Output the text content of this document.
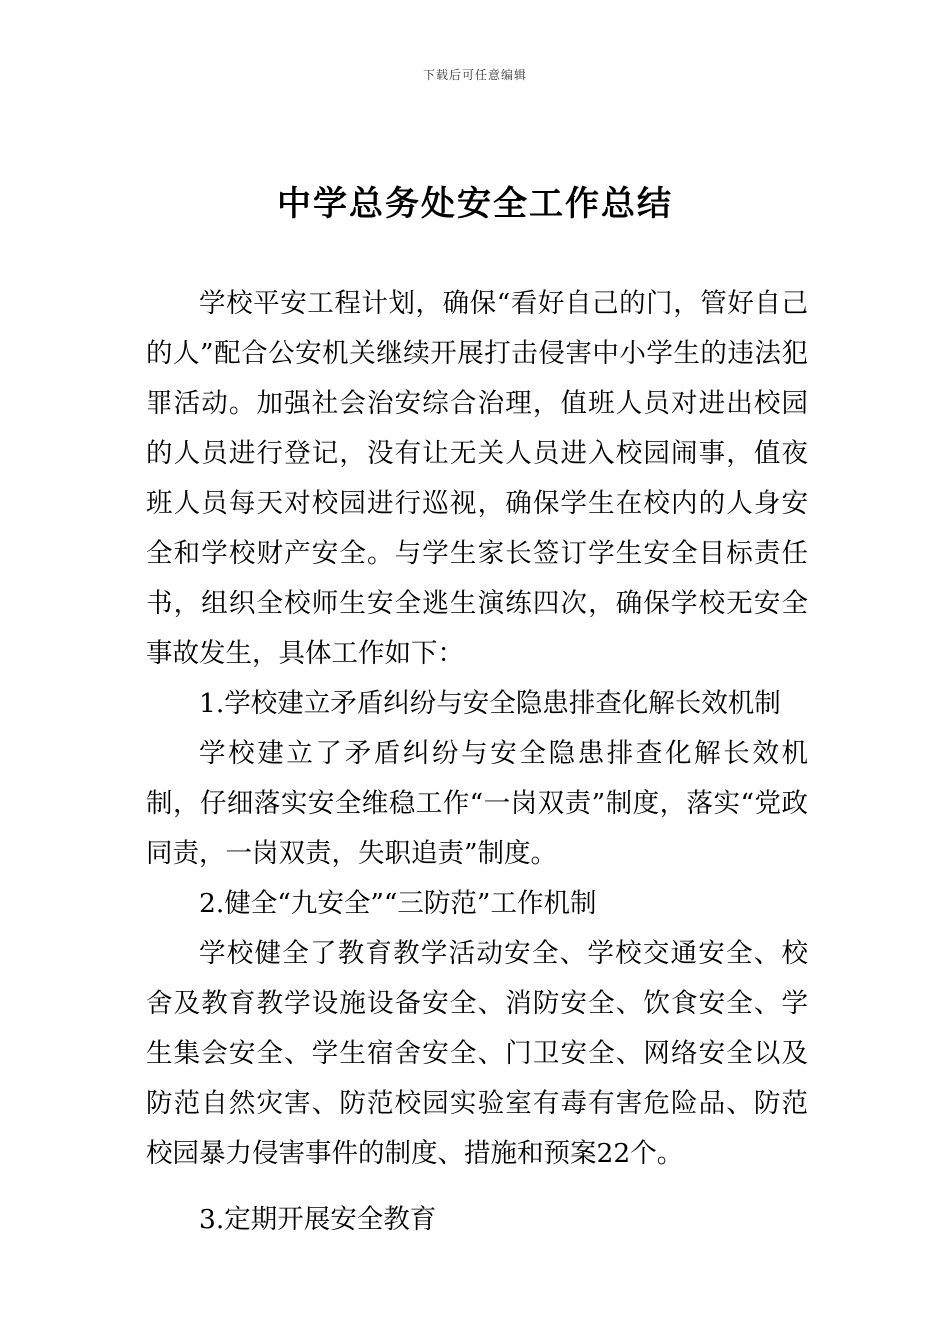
下载后可任意编辑
中学总务处安全工作总结

学校平安工程计划，确保“看好自己的门，管好自己的人”配合公安机关继续开展打击侵害中小学生的违法犯罪活动。加强社会治安综合治理，值班人员对进出校园的人员进行登记，没有让无关人员进入校园闹事，值夜班人员每天对校园进行巡视，确保学生在校内的人身安全和学校财产安全。与学生家长签订学生安全目标责任书，组织全校师生安全逃生演练四次，确保学校无安全事故发生，具体工作如下：

1.学校建立矛盾纠纷与安全隐患排查化解长效机制

学校建立了矛盾纠纷与安全隐患排查化解长效机制，仔细落实安全维稳工作“一岗双责”制度，落实“党政同责，一岗双责，失职追责”制度。

2.健全“九安全”“三防范”工作机制

学校健全了教育教学活动安全、学校交通安全、校舍及教育教学设施设备安全、消防安全、饮食安全、学生集会安全、学生宿舍安全、门卫安全、网络安全以及防范自然灾害、防范校园实验室有毒有害危险品、防范校园暴力侵害事件的制度、措施和预案22个。

3.定期开展安全教育
